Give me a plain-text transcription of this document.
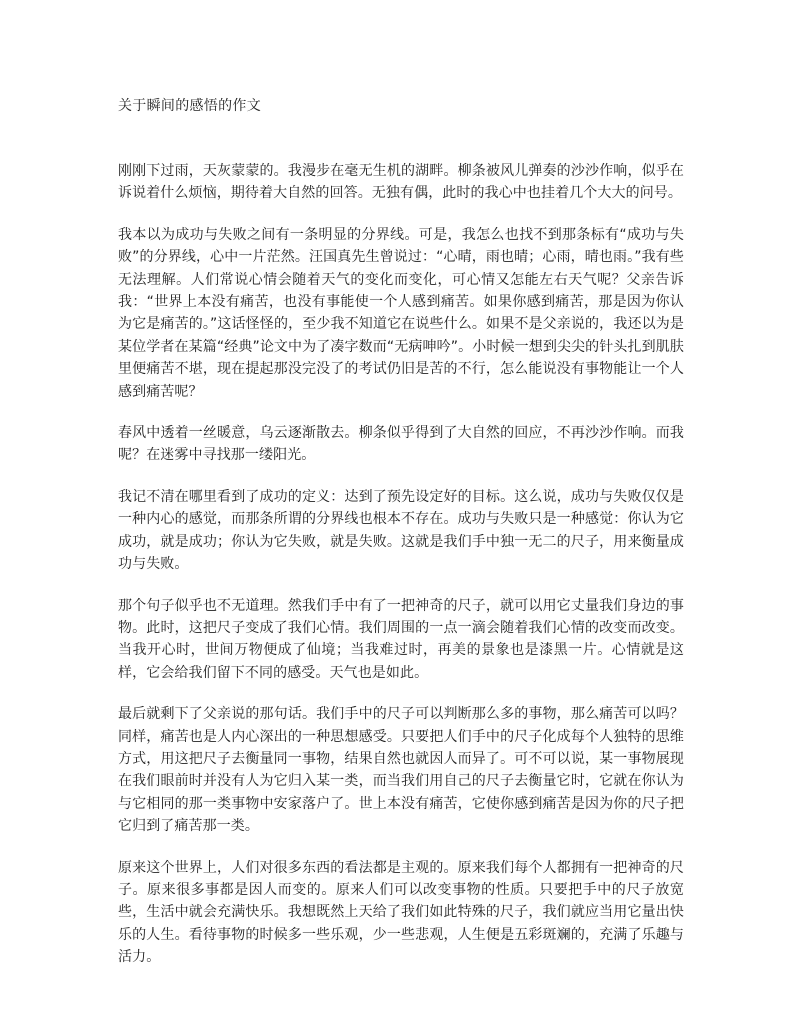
关于瞬间的感悟的作文

刚刚下过雨，天灰蒙蒙的。我漫步在毫无生机的湖畔。柳条被风儿弹奏的沙沙作响，似乎在诉说着什么烦恼，期待着大自然的回答。无独有偶，此时的我心中也挂着几个大大的问号。

我本以为成功与失败之间有一条明显的分界线。可是，我怎么也找不到那条标有“成功与失败”的分界线，心中一片茫然。汪国真先生曾说过：“心晴，雨也晴；心雨，晴也雨。”我有些无法理解。人们常说心情会随着天气的变化而变化，可心情又怎能左右天气呢？父亲告诉我：“世界上本没有痛苦，也没有事能使一个人感到痛苦。如果你感到痛苦，那是因为你认为它是痛苦的。”这话怪怪的，至少我不知道它在说些什么。如果不是父亲说的，我还以为是某位学者在某篇“经典”论文中为了凑字数而“无病呻吟”。小时候一想到尖尖的针头扎到肌肤里便痛苦不堪，现在提起那没完没了的考试仍旧是苦的不行，怎么能说没有事物能让一个人感到痛苦呢？

春风中透着一丝暖意，乌云逐渐散去。柳条似乎得到了大自然的回应，不再沙沙作响。而我呢？在迷雾中寻找那一缕阳光。

我记不清在哪里看到了成功的定义：达到了预先设定好的目标。这么说，成功与失败仅仅是一种内心的感觉，而那条所谓的分界线也根本不存在。成功与失败只是一种感觉：你认为它成功，就是成功；你认为它失败，就是失败。这就是我们手中独一无二的尺子，用来衡量成功与失败。

那个句子似乎也不无道理。然我们手中有了一把神奇的尺子，就可以用它丈量我们身边的事物。此时，这把尺子变成了我们心情。我们周围的一点一滴会随着我们心情的改变而改变。当我开心时，世间万物便成了仙境；当我难过时，再美的景象也是漆黑一片。心情就是这样，它会给我们留下不同的感受。天气也是如此。

最后就剩下了父亲说的那句话。我们手中的尺子可以判断那么多的事物，那么痛苦可以吗？同样，痛苦也是人内心深出的一种思想感受。只要把人们手中的尺子化成每个人独特的思维方式，用这把尺子去衡量同一事物，结果自然也就因人而异了。可不可以说，某一事物展现在我们眼前时并没有人为它归入某一类，而当我们用自己的尺子去衡量它时，它就在你认为与它相同的那一类事物中安家落户了。世上本没有痛苦，它使你感到痛苦是因为你的尺子把它归到了痛苦那一类。

原来这个世界上，人们对很多东西的看法都是主观的。原来我们每个人都拥有一把神奇的尺子。原来很多事都是因人而变的。原来人们可以改变事物的性质。只要把手中的尺子放宽些，生活中就会充满快乐。我想既然上天给了我们如此特殊的尺子，我们就应当用它量出快乐的人生。看待事物的时候多一些乐观，少一些悲观，人生便是五彩斑斓的，充满了乐趣与活力。
